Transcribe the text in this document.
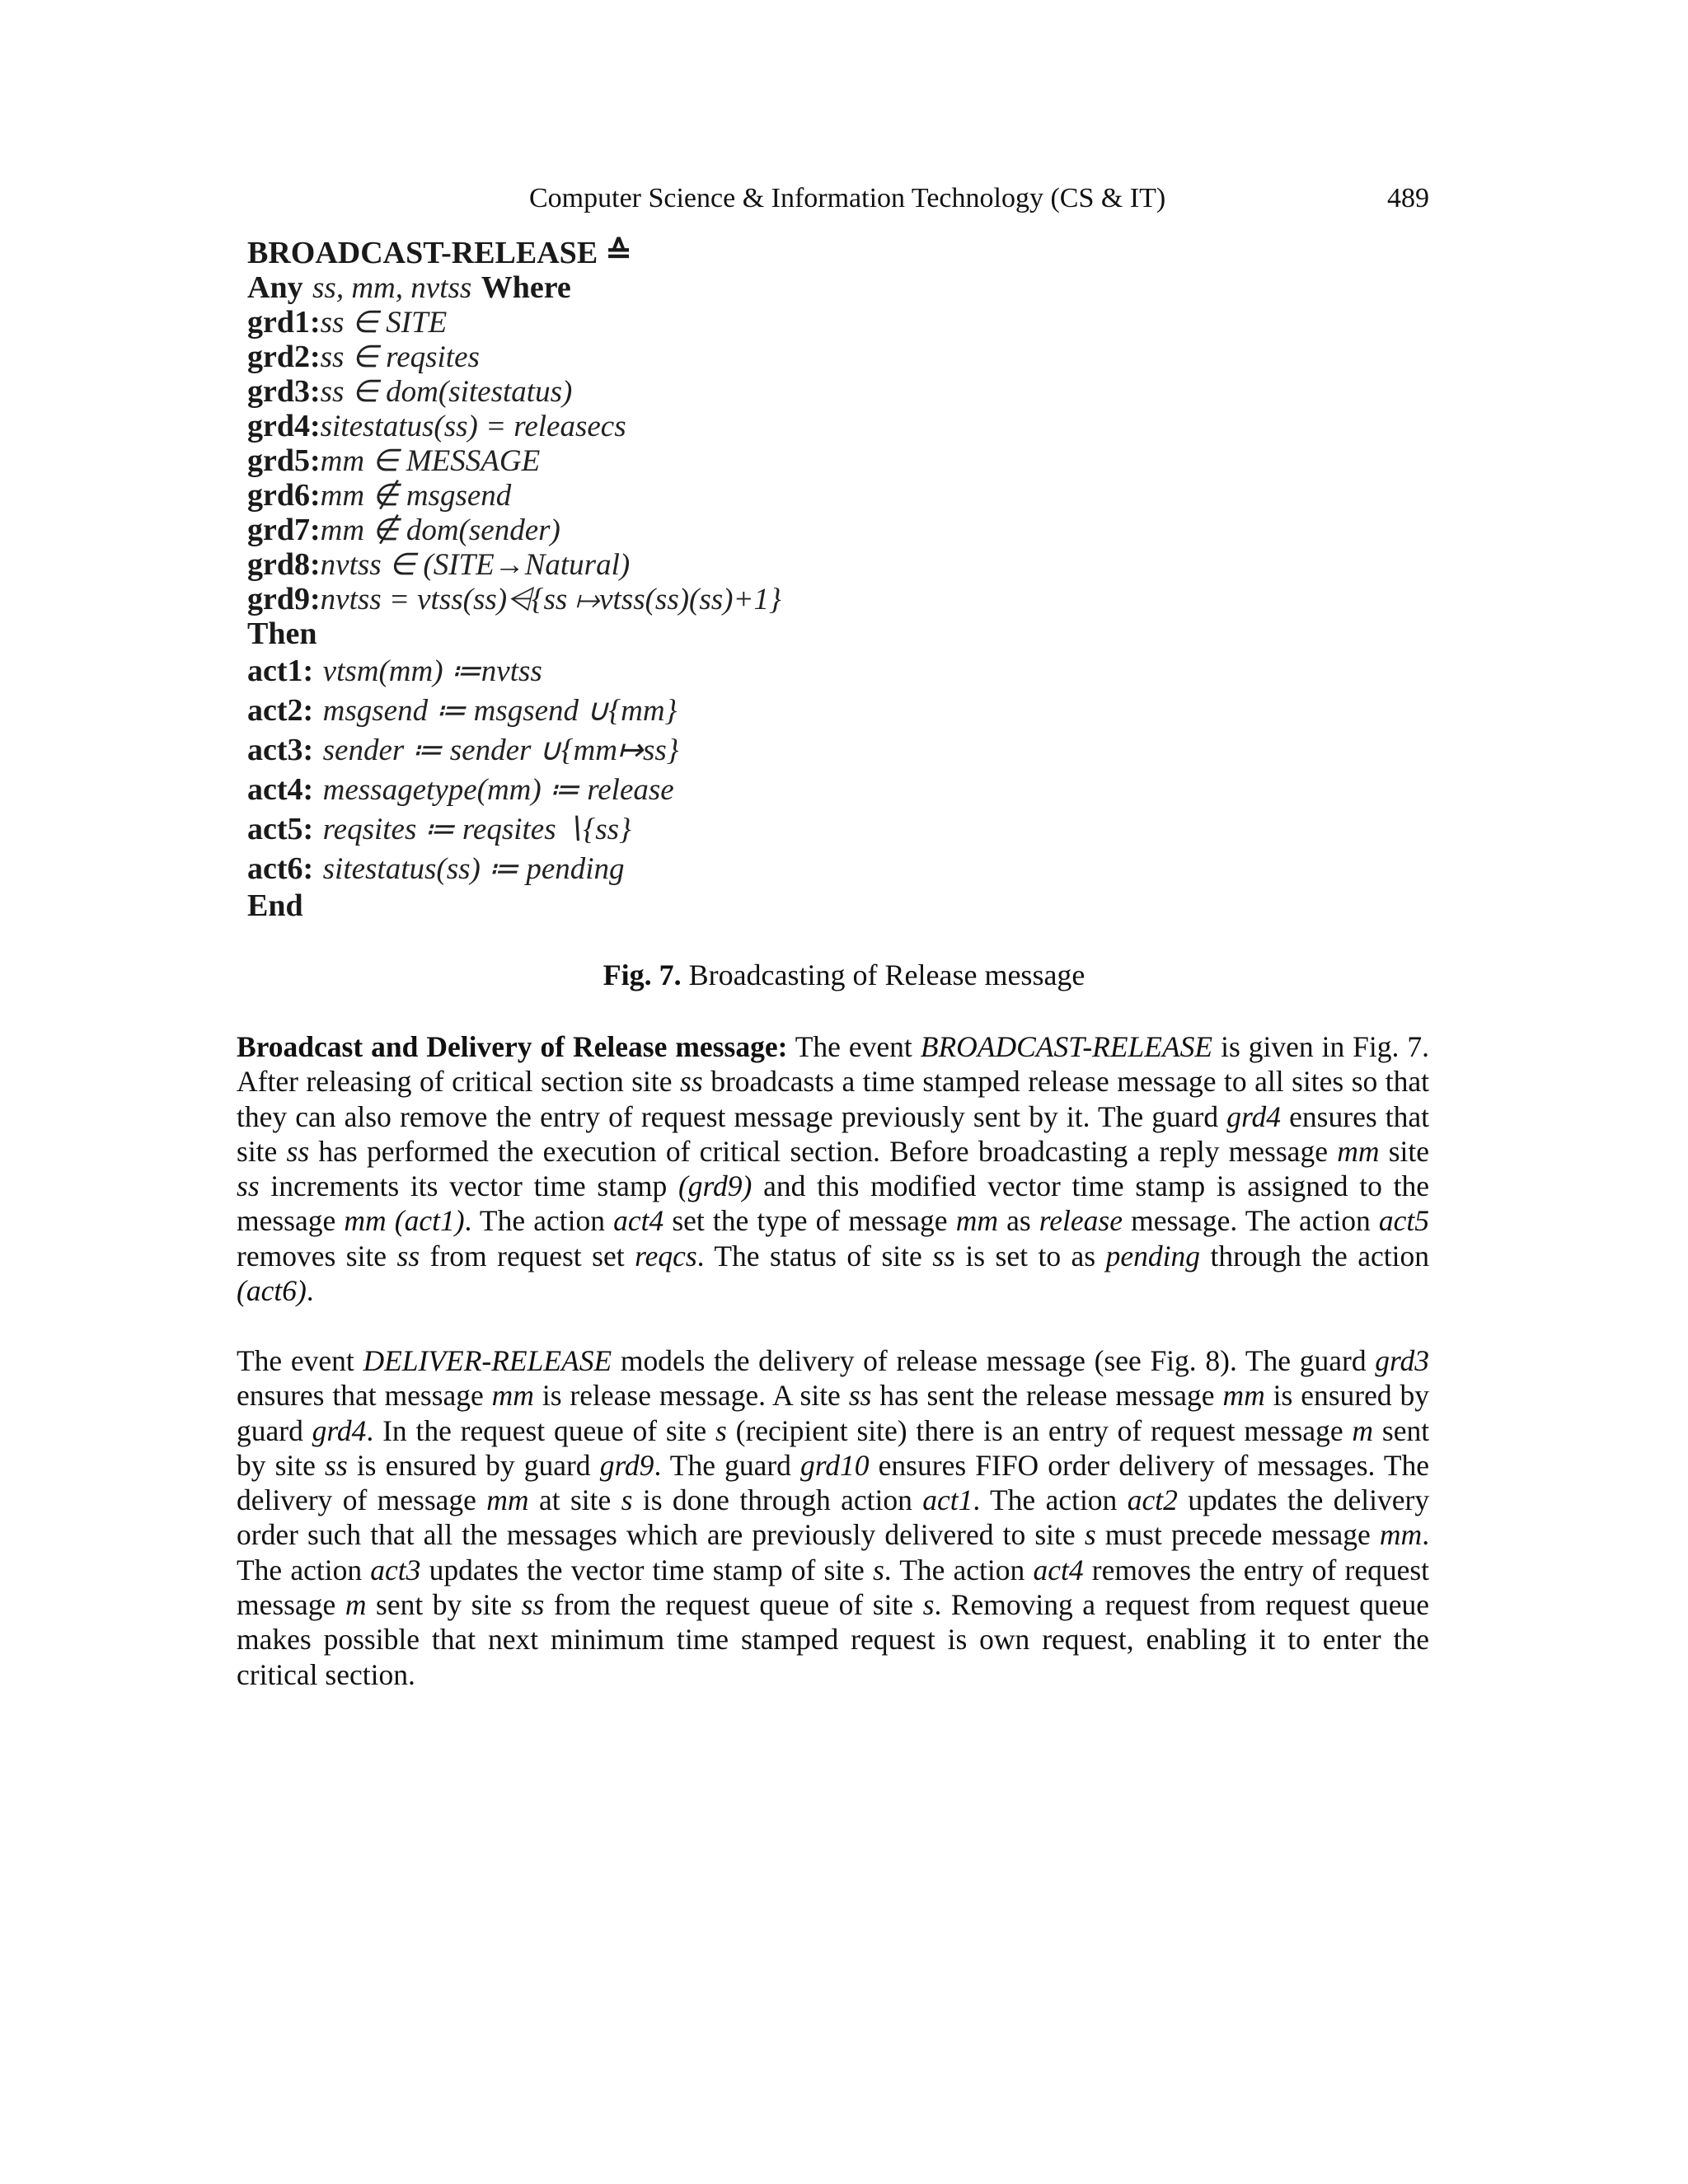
Computer Science & Information Technology (CS & IT)	489
BROADCAST-RELEASE ≙
Any ss, mm, nvtss Where
grd1:ss ∈ SITE
grd2:ss ∈ reqsites
grd3:ss ∈ dom(sitestatus)
grd4:sitestatus(ss) = releasecs
grd5:mm ∈ MESSAGE
grd6:mm ∉ msgsend
grd7:mm ∉ dom(sender)
grd8:nvtss ∈ (SITE→Natural)
grd9:nvtss = vtss(ss)⩤{ss ↦vtss(ss)(ss)+1}
Then
act1: vtsm(mm) ≔nvtss
act2: msgsend ≔ msgsend ∪{mm}
act3: sender ≔ sender ∪{mm↦ss}
act4: messagetype(mm) ≔ release
act5: reqsites ≔ reqsites ∖{ss}
act6: sitestatus(ss) ≔ pending
End
Fig. 7. Broadcasting of Release message
Broadcast and Delivery of Release message: The event BROADCAST-RELEASE is given in Fig. 7. After releasing of critical section site ss broadcasts a time stamped release message to all sites so that they can also remove the entry of request message previously sent by it. The guard grd4 ensures that site ss has performed the execution of critical section. Before broadcasting a reply message mm site ss increments its vector time stamp (grd9) and this modified vector time stamp is assigned to the message mm (act1). The action act4 set the type of message mm as release message. The action act5 removes site ss from request set reqcs. The status of site ss is set to as pending through the action (act6).
The event DELIVER-RELEASE models the delivery of release message (see Fig. 8). The guard grd3 ensures that message mm is release message. A site ss has sent the release message mm is ensured by guard grd4. In the request queue of site s (recipient site) there is an entry of request message m sent by site ss is ensured by guard grd9. The guard grd10 ensures FIFO order delivery of messages. The delivery of message mm at site s is done through action act1. The action act2 updates the delivery order such that all the messages which are previously delivered to site s must precede message mm. The action act3 updates the vector time stamp of site s. The action act4 removes the entry of request message m sent by site ss from the request queue of site s. Removing a request from request queue makes possible that next minimum time stamped request is own request, enabling it to enter the critical section.
